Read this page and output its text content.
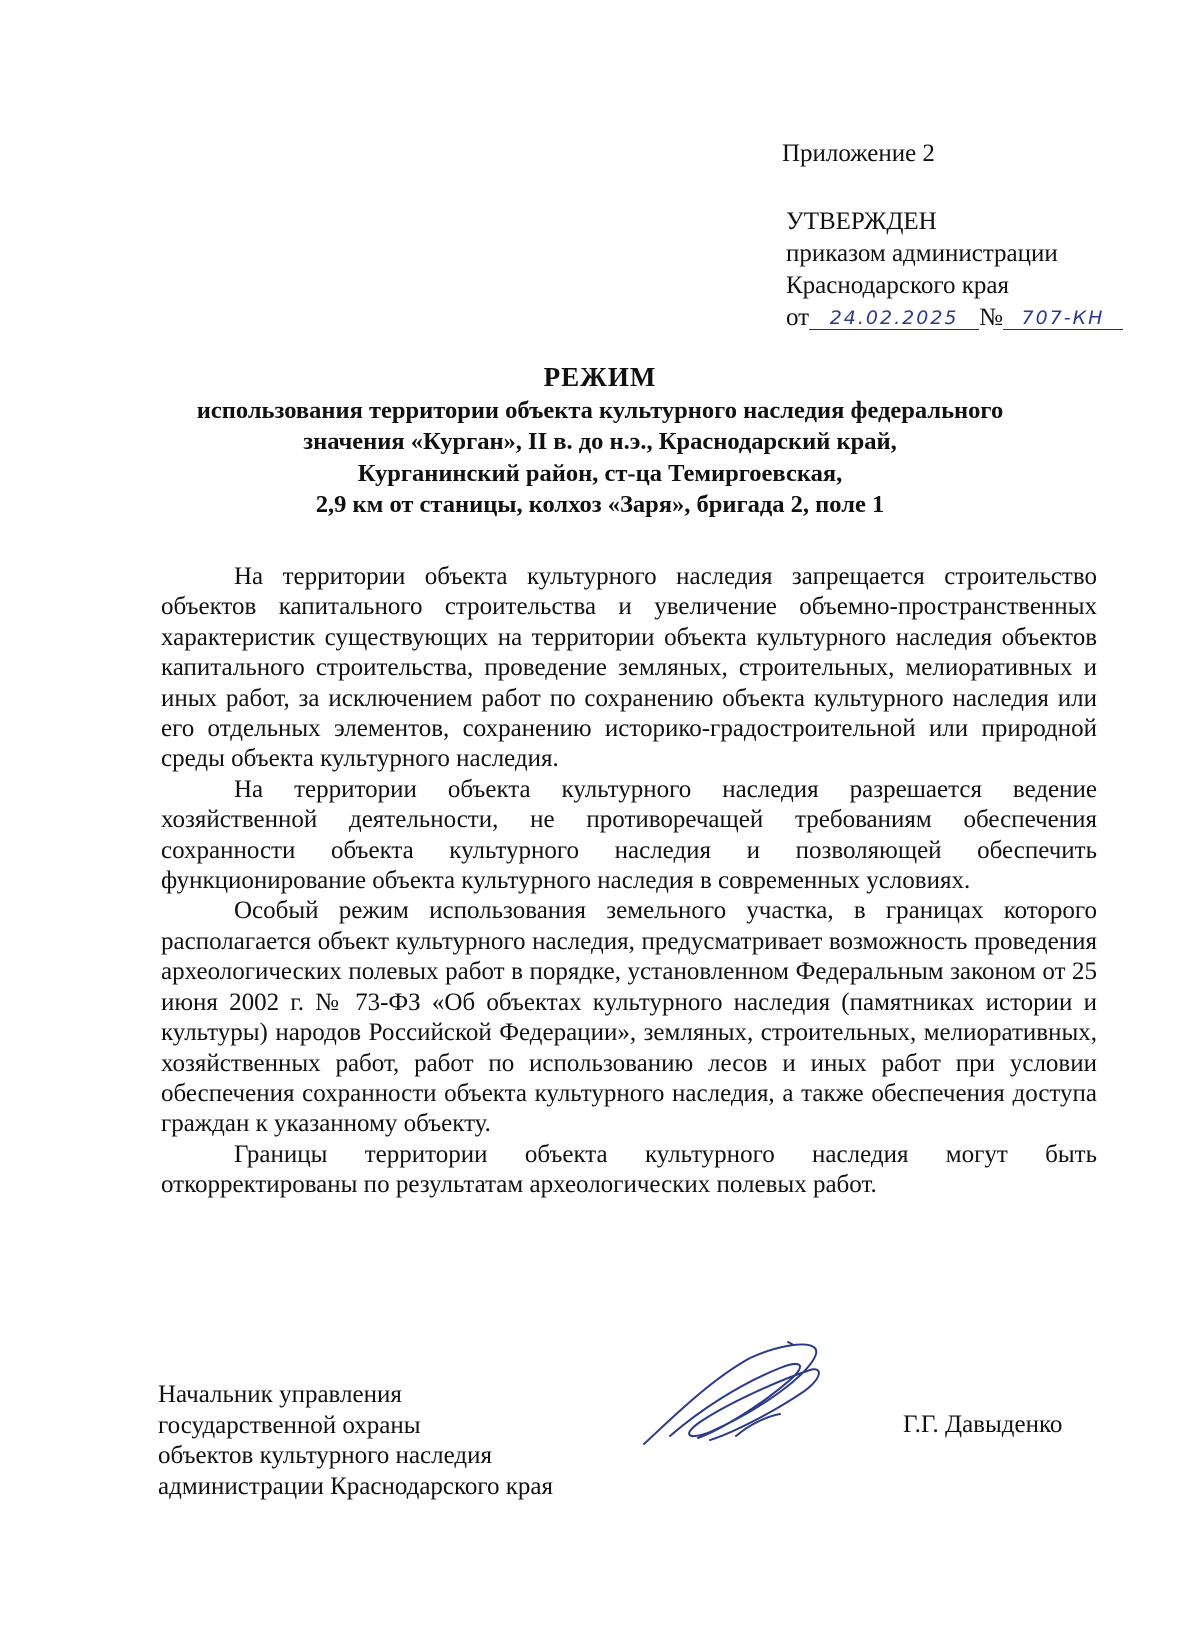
Приложение 2
УТВЕРЖДЕН
приказом администрации
Краснодарского края
от	24.02.2025 № 707-КН
РЕЖИМ
использования территории объекта культурного наследия федерального
значения «Курган», II в. до н.э., Краснодарский край,
Курганинский район, ст-ца Темиргоевская,
2,9 км от станицы, колхоз «Заря», бригада 2, поле 1

На территории объекта культурного наследия запрещается строительство объектов капитального строительства и увеличение объемно-пространственных характеристик существующих на территории объекта культурного наследия объектов капитального строительства, проведение земляных, строительных, мелиоративных и иных работ, за исключением работ по сохранению объекта культурного наследия или его отдельных элементов, сохранению историко-градостроительной или природной среды объекта культурного наследия.

На территории объекта культурного наследия разрешается ведение хозяйственной деятельности, не противоречащей требованиям обеспечения сохранности объекта культурного наследия и позволяющей обеспечить функционирование объекта культурного наследия в современных условиях.

Особый режим использования земельного участка, в границах которого располагается объект культурного наследия, предусматривает возможность проведения археологических полевых работ в порядке, установленном Федеральным законом от 25 июня 2002 г. № 73-ФЗ «Об объектах культурного наследия (памятниках истории и культуры) народов Российской Федерации», земляных, строительных, мелиоративных, хозяйственных работ, работ по использованию лесов и иных работ при условии обеспечения сохранности объекта культурного наследия, а также обеспечения доступа граждан к указанному объекту.

Границы территории объекта культурного наследия могут быть откорректированы по результатам археологических полевых работ.

Начальник управления
государственной охраны
объектов культурного наследия
администрации Краснодарского края
Г.Г. Давыденко
